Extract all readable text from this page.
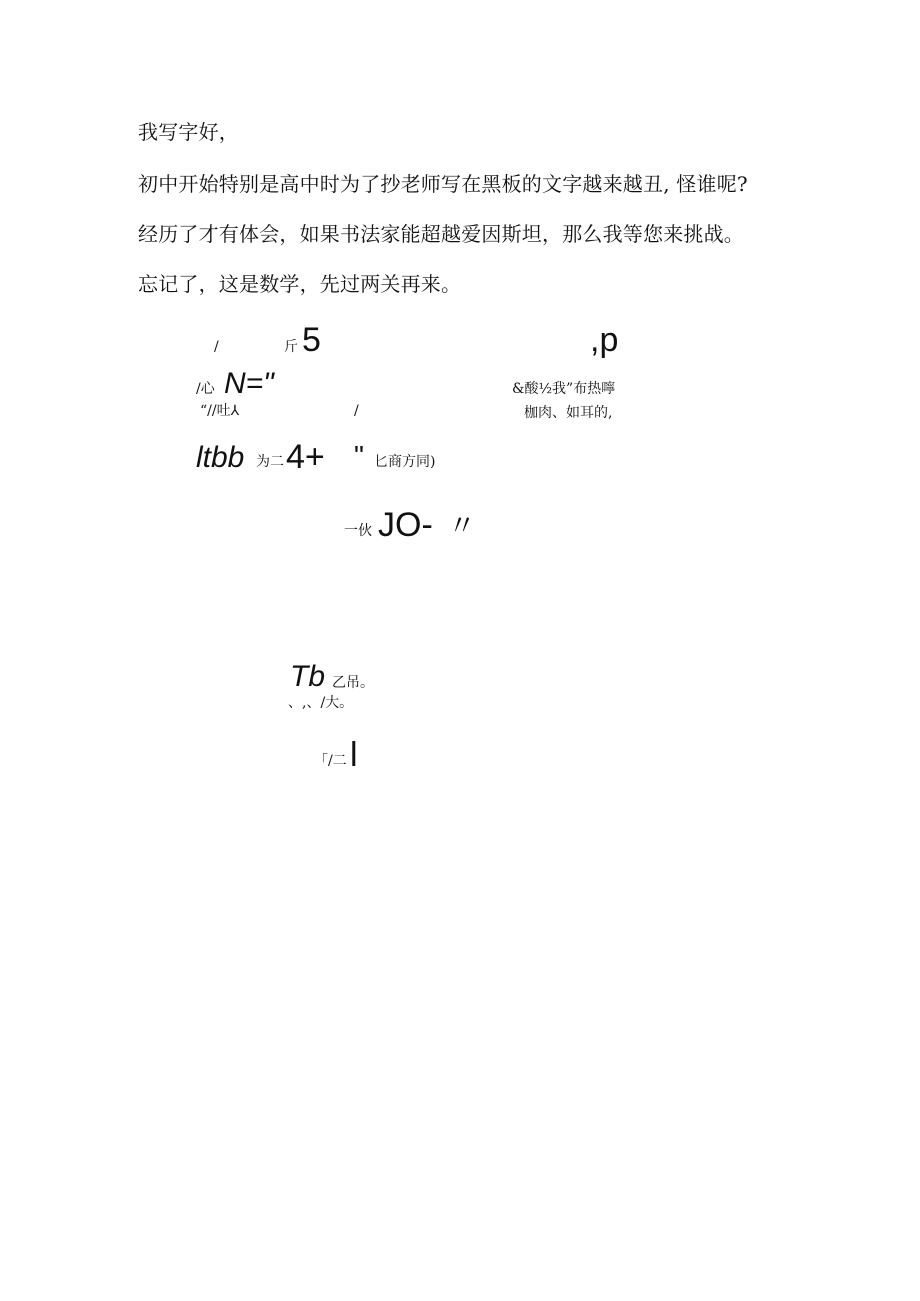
我写字好，
初中开始特别是高中时为了抄老师写在黑板的文字越来越丑, 怪谁呢?
经历了才有体会，如果书法家能超越爱因斯坦，那么我等您来挑战。
忘记了，这是数学，先过两关再来。
/	斤 5	,p
/心 N="	&酸½我”布热嚀
“//吐⅄	/	枷肉、如耳的,
ltbb 为二 4+ " 匕商方同)
一伙 JO- 〃
Tb 乙吊。
、,、/大。
「/二 l
